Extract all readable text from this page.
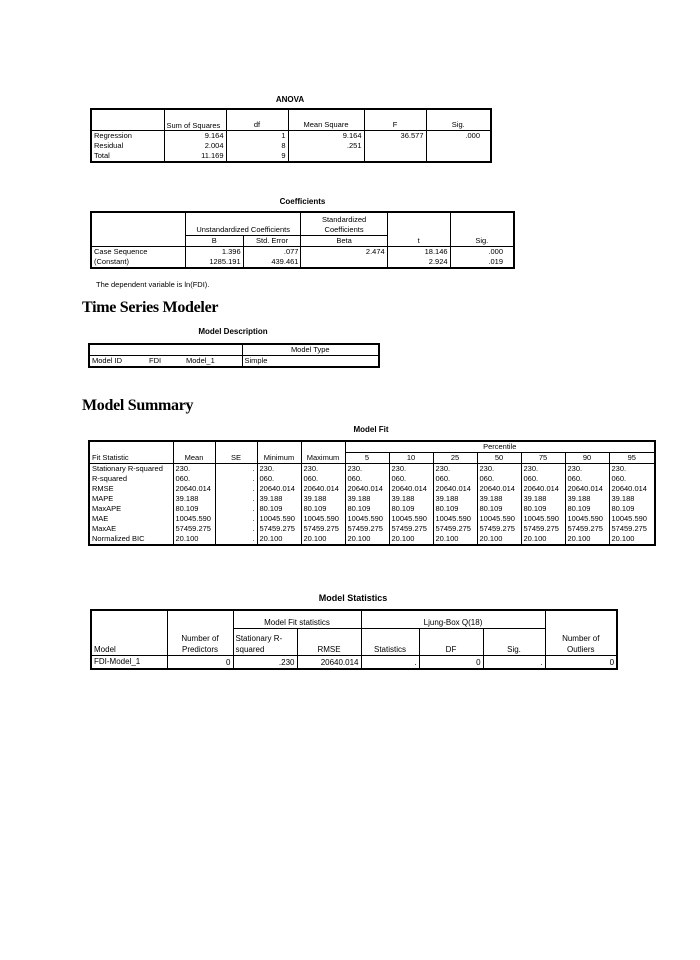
ANOVA
	Sum of Squares	df	Mean Square	F	Sig.
Regression	9.164	1	9.164	36.577	.000
Residual	2.004	8	.251		
Total	11.169	9			
Coefficients
	Unstandardized Coefficients		Standardized Coefficients	t	Sig.
	B	Std. Error	Beta		
Case Sequence	1.396	.077	2.474	18.146	.000
(Constant)	1285.191	439.461		2.924	.019
The dependent variable is ln(FDI).
Time Series Modeler
Model Description
			Model Type
Model ID	FDI	Model_1	Simple
Model Summary
Model Fit
Fit Statistic	Mean	SE	Minimum	Maximum	Percentile						
					5	10	25	50	75	90	95
Stationary R-squared	.230	.	.230	.230	.230	.230	.230	.230	.230	.230	.230
R-squared	.060	.	.060	.060	.060	.060	.060	.060	.060	.060	.060
RMSE	20640.014	.	20640.014	20640.014	20640.014	20640.014	20640.014	20640.014	20640.014	20640.014	20640.014
MAPE	39.188	.	39.188	39.188	39.188	39.188	39.188	39.188	39.188	39.188	39.188
MaxAPE	80.109	.	80.109	80.109	80.109	80.109	80.109	80.109	80.109	80.109	80.109
MAE	10045.590	.	10045.590	10045.590	10045.590	10045.590	10045.590	10045.590	10045.590	10045.590	10045.590
MaxAE	57459.275	.	57459.275	57459.275	57459.275	57459.275	57459.275	57459.275	57459.275	57459.275	57459.275
Normalized BIC	20.100	.	20.100	20.100	20.100	20.100	20.100	20.100	20.100	20.100	20.100
Model Statistics
Model	Number of Predictors	Model Fit statistics		Ljung-Box Q(18)			Number of Outliers
		Stationary R-squared	RMSE	Statistics	DF	Sig.	
FDI-Model_1	0	.230	20640.014	.	0	.	0
